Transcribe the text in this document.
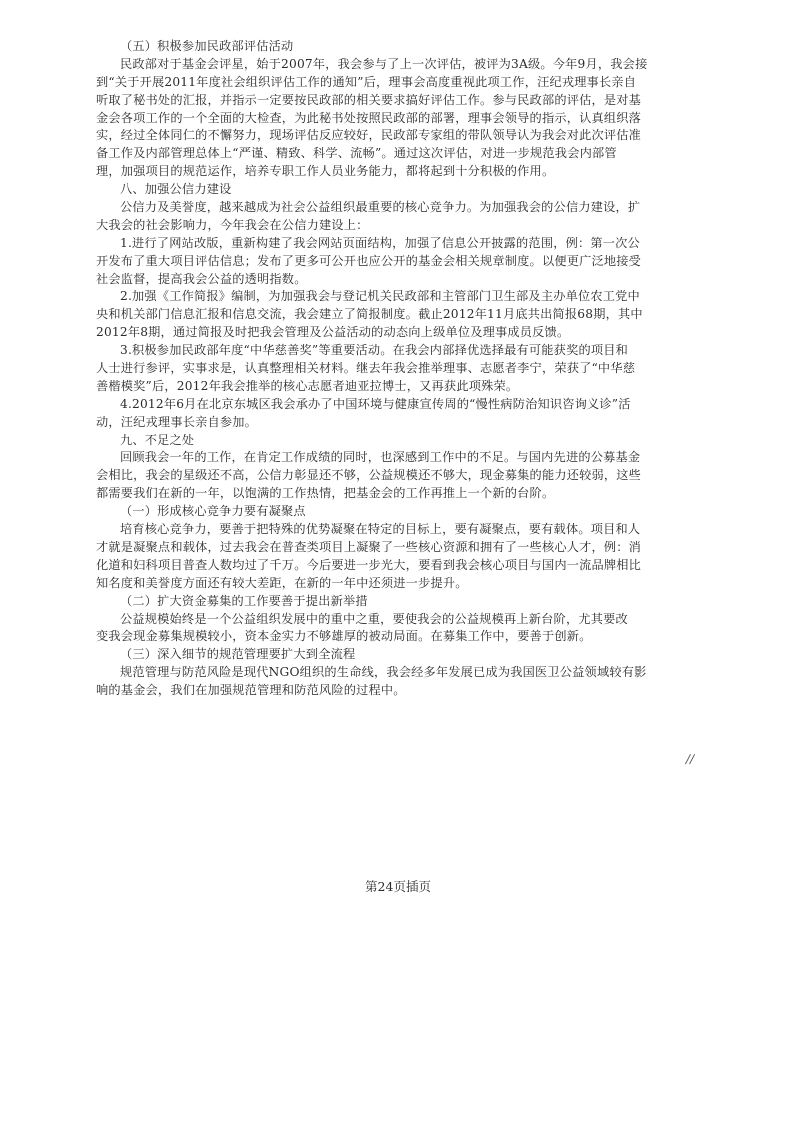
（五）积极参加民政部评估活动
民政部对于基金会评星，始于2007年，我会参与了上一次评估，被评为3A级。今年9月，我会接
到“关于开展2011年度社会组织评估工作的通知”后，理事会高度重视此项工作，汪纪戎理事长亲自
听取了秘书处的汇报，并指示一定要按民政部的相关要求搞好评估工作。参与民政部的评估，是对基
金会各项工作的一个全面的大检查，为此秘书处按照民政部的部署，理事会领导的指示，认真组织落
实，经过全体同仁的不懈努力，现场评估反应较好，民政部专家组的带队领导认为我会对此次评估准
备工作及内部管理总体上“严谨、精致、科学、流畅”。通过这次评估，对进一步规范我会内部管
理，加强项目的规范运作，培养专职工作人员业务能力，都将起到十分积极的作用。
八、加强公信力建设
公信力及美誉度，越来越成为社会公益组织最重要的核心竞争力。为加强我会的公信力建设，扩
大我会的社会影响力，今年我会在公信力建设上：
1.进行了网站改版，重新构建了我会网站页面结构，加强了信息公开披露的范围，例：第一次公
开发布了重大项目评估信息；发布了更多可公开也应公开的基金会相关规章制度。以便更广泛地接受
社会监督，提高我会公益的透明指数。
2.加强《工作简报》编制，为加强我会与登记机关民政部和主管部门卫生部及主办单位农工党中
央和机关部门信息汇报和信息交流，我会建立了简报制度。截止2012年11月底共出简报68期，其中
2012年8期，通过简报及时把我会管理及公益活动的动态向上级单位及理事成员反馈。
3.积极参加民政部年度“中华慈善奖”等重要活动。在我会内部择优选择最有可能获奖的项目和
人士进行参评，实事求是，认真整理相关材料。继去年我会推举理事、志愿者李宁，荣获了“中华慈
善楷模奖”后，2012年我会推举的核心志愿者迪亚拉博士，又再获此项殊荣。
4.2012年6月在北京东城区我会承办了中国环境与健康宣传周的“慢性病防治知识咨询义诊”活
动，汪纪戎理事长亲自参加。
九、不足之处
回顾我会一年的工作，在肯定工作成绩的同时，也深感到工作中的不足。与国内先进的公募基金
会相比，我会的星级还不高，公信力彰显还不够，公益规模还不够大，现金募集的能力还较弱，这些
都需要我们在新的一年，以饱满的工作热情，把基金会的工作再推上一个新的台阶。
（一）形成核心竞争力要有凝聚点
培育核心竞争力，要善于把特殊的优势凝聚在特定的目标上，要有凝聚点，要有载体。项目和人
才就是凝聚点和载体，过去我会在普查类项目上凝聚了一些核心资源和拥有了一些核心人才，例：消
化道和妇科项目普查人数均过了千万。今后要进一步光大，要看到我会核心项目与国内一流品牌相比
知名度和美誉度方面还有较大差距，在新的一年中还须进一步提升。
（二）扩大资金募集的工作要善于提出新举措
公益规模始终是一个公益组织发展中的重中之重，要使我会的公益规模再上新台阶，尤其要改
变我会现金募集规模较小，资本金实力不够雄厚的被动局面。在募集工作中，要善于创新。
（三）深入细节的规范管理要扩大到全流程
规范管理与防范风险是现代NGO组织的生命线，我会经多年发展已成为我国医卫公益领域较有影
响的基金会，我们在加强规范管理和防范风险的过程中。
//
第24页插页
